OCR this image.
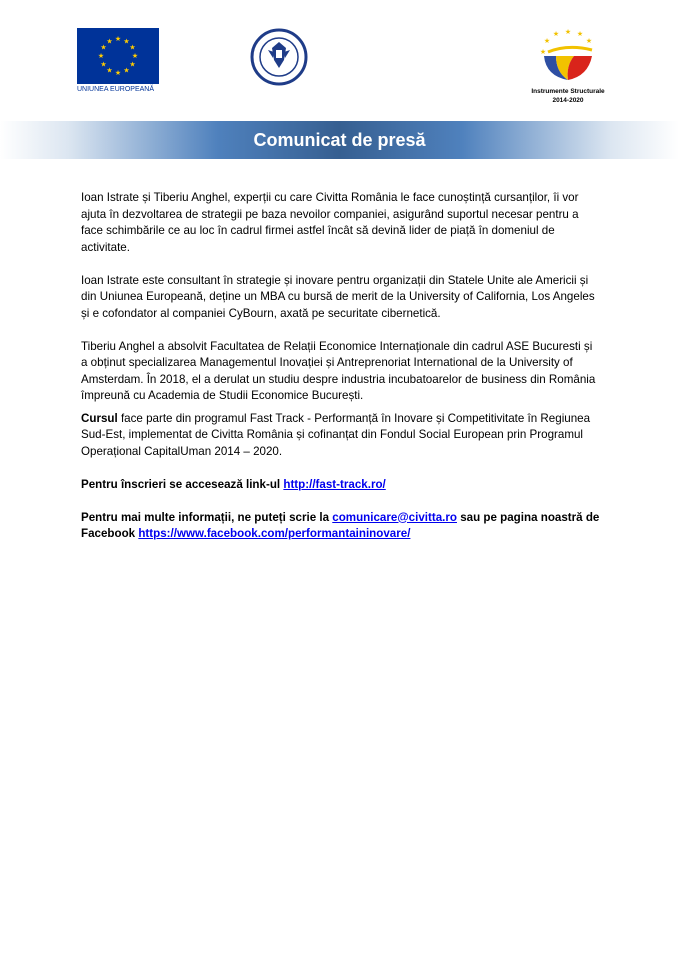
★ ★
★
★
★
★
★
★
★
★
★
★
UNIUNEA EUROPEANĂ
★ ★
★
★
★
★
Instrumente Structurale
2014-2020
Comunicat de presă

Ioan Istrate și Tiberiu Anghel, experții cu care Civitta România le face cunoștință cursanților, îi vor ajuta în dezvoltarea de strategii pe baza nevoilor companiei, asigurând suportul necesar pentru a face schimbările ce au loc în cadrul firmei astfel încât să devină lider de piață în domeniul de activitate.

Ioan Istrate este consultant în strategie și inovare pentru organizații din Statele Unite ale Americii și din Uniunea Europeană, deține un MBA cu bursă de merit de la University of California, Los Angeles și e cofondator al companiei CyBourn, axată pe securitate cibernetică.

Tiberiu Anghel a absolvit Facultatea de Relații Economice Internaționale din cadrul ASE Bucuresti și a obținut specializarea Managementul Inovației și Antreprenoriat International de la University of Amsterdam. În 2018, el a derulat un studiu despre industria incubatoarelor de business din România împreună cu Academia de Studii Economice București.

Cursul face parte din programul Fast Track - Performanță în Inovare și Competitivitate în Regiunea Sud-Est, implementat de Civitta România și cofinanțat din Fondul Social European prin Programul Operațional CapitalUman 2014 – 2020.

Pentru înscrieri se accesează link-ul http://fast-track.ro/

Pentru mai multe informații, ne puteți scrie la comunicare@civitta.ro sau pe pagina noastră de Facebook https://www.facebook.com/performantaininovare/
